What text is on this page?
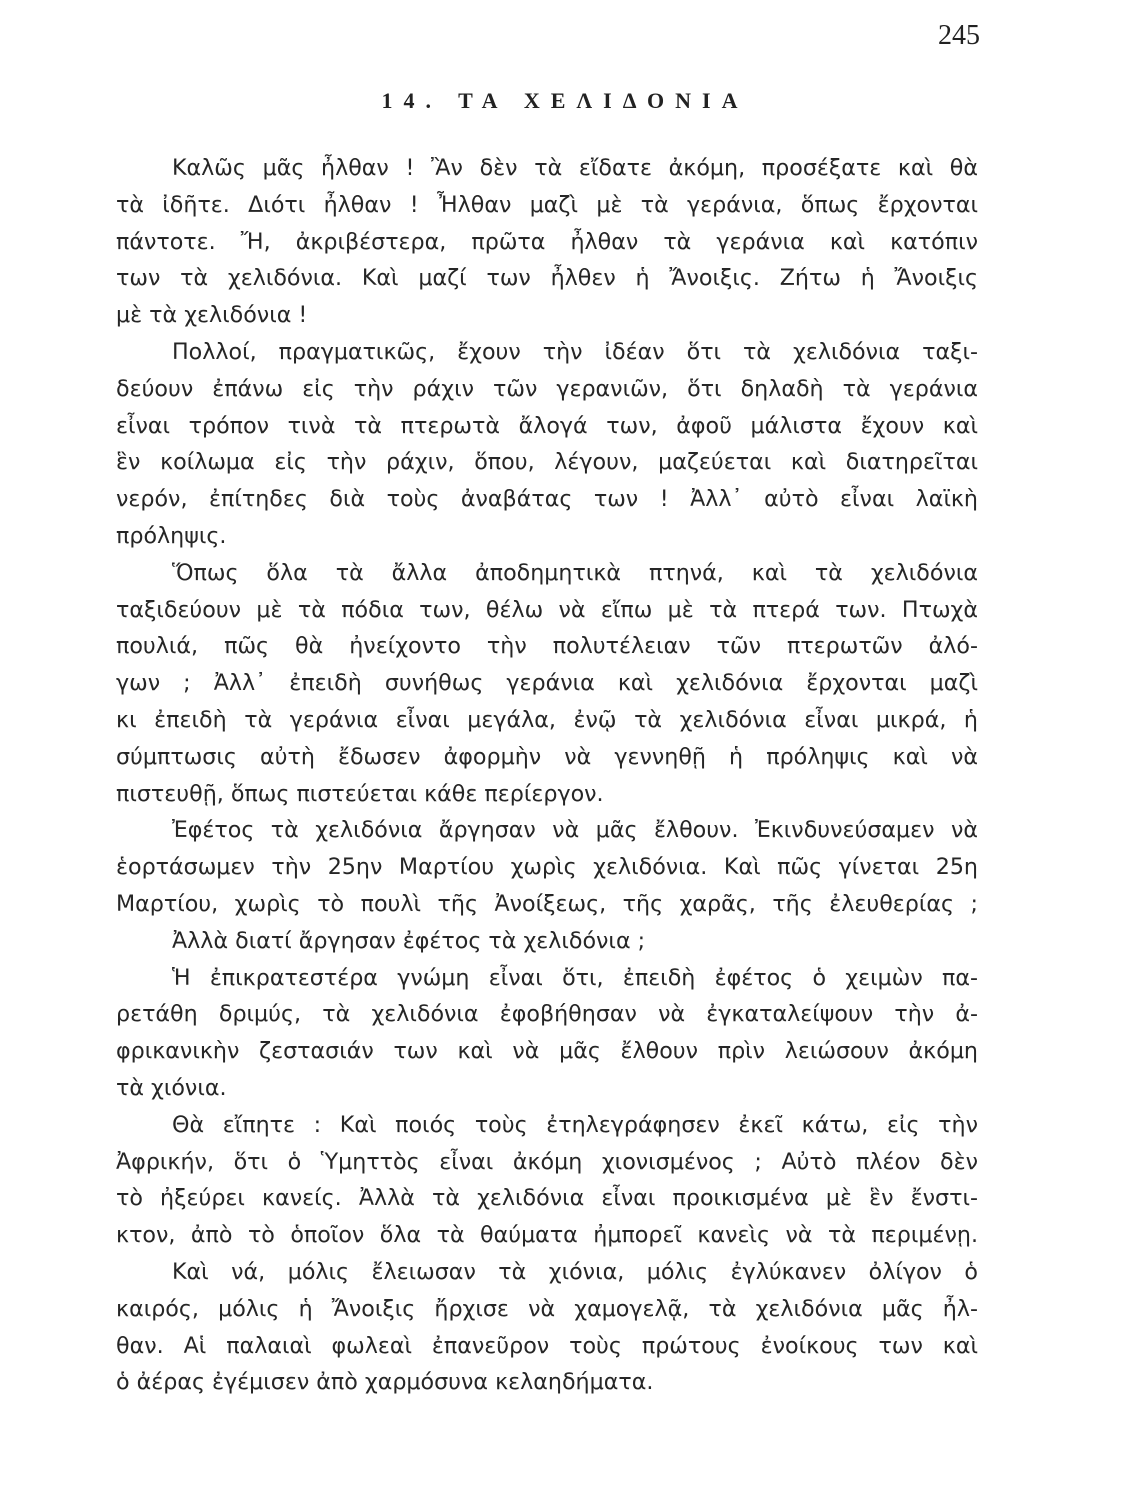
245
14. ΤΑ ΧΕΛΙΔΟΝΙΑ
Καλῶς μᾶς ἦλθαν ! Ἂν δὲν τὰ εἴδατε ἀκόμη, προσέξατε καὶ θὰ
τὰ ἰδῆτε. Διότι ἦλθαν ! Ἦλθαν μαζὶ μὲ τὰ γεράνια, ὅπως ἔρχονται
πάντοτε. Ἤ, ἀκριβέστερα, πρῶτα ἦλθαν τὰ γεράνια καὶ κατόπιν
των τὰ χελιδόνια. Καὶ μαζί των ἦλθεν ἡ Ἄνοιξις. Ζήτω ἡ Ἄνοιξις
μὲ τὰ χελιδόνια !
Πολλοί, πραγματικῶς, ἔχουν τὴν ἰδέαν ὅτι τὰ χελιδόνια ταξι-
δεύουν ἐπάνω εἰς τὴν ράχιν τῶν γερανιῶν, ὅτι δηλαδὴ τὰ γεράνια
εἶναι τρόπον τινὰ τὰ πτερωτὰ ἄλογά των, ἀφοῦ μάλιστα ἔχουν καὶ
ἓν κοίλωμα εἰς τὴν ράχιν, ὅπου, λέγουν, μαζεύεται καὶ διατηρεῖται
νερόν, ἐπίτηδες διὰ τοὺς ἀναβάτας των ! Ἀλλ᾽ αὐτὸ εἶναι λαϊκὴ
πρόληψις.
Ὅπως ὅλα τὰ ἄλλα ἀποδημητικὰ πτηνά, καὶ τὰ χελιδόνια
ταξιδεύουν μὲ τὰ πόδια των, θέλω νὰ εἴπω μὲ τὰ πτερά των. Πτωχὰ
πουλιά, πῶς θὰ ἠνείχοντο τὴν πολυτέλειαν τῶν πτερωτῶν ἀλό-
γων ; Ἀλλ᾽ ἐπειδὴ συνήθως γεράνια καὶ χελιδόνια ἔρχονται μαζὶ
κι ἐπειδὴ τὰ γεράνια εἶναι μεγάλα, ἐνῷ τὰ χελιδόνια εἶναι μικρά, ἡ
σύμπτωσις αὐτὴ ἔδωσεν ἀφορμὴν νὰ γεννηθῇ ἡ πρόληψις καὶ νὰ
πιστευθῇ, ὅπως πιστεύεται κάθε περίεργον.
Ἐφέτος τὰ χελιδόνια ἄργησαν νὰ μᾶς ἔλθουν. Ἐκινδυνεύσαμεν νὰ
ἑορτάσωμεν τὴν 25ην Μαρτίου χωρὶς χελιδόνια. Καὶ πῶς γίνεται 25η
Μαρτίου, χωρὶς τὸ πουλὶ τῆς Ἀνοίξεως, τῆς χαρᾶς, τῆς ἐλευθερίας ;
Ἀλλὰ διατί ἄργησαν ἐφέτος τὰ χελιδόνια ;
Ἡ ἐπικρατεστέρα γνώμη εἶναι ὅτι, ἐπειδὴ ἐφέτος ὁ χειμὼν πα-
ρετάθη δριμύς, τὰ χελιδόνια ἐφοβήθησαν νὰ ἐγκαταλείψουν τὴν ἀ-
φρικανικὴν ζεστασιάν των καὶ νὰ μᾶς ἔλθουν πρὶν λειώσουν ἀκόμη
τὰ χιόνια.
Θὰ εἴπητε : Καὶ ποιός τοὺς ἐτηλεγράφησεν ἐκεῖ κάτω, εἰς τὴν
Ἀφρικήν, ὅτι ὁ Ὑμηττὸς εἶναι ἀκόμη χιονισμένος ; Αὐτὸ πλέον δὲν
τὸ ἠξεύρει κανείς. Ἀλλὰ τὰ χελιδόνια εἶναι προικισμένα μὲ ἓν ἔνστι-
κτον, ἀπὸ τὸ ὁποῖον ὅλα τὰ θαύματα ἠμπορεῖ κανεὶς νὰ τὰ περιμένῃ.
Καὶ νά, μόλις ἔλειωσαν τὰ χιόνια, μόλις ἐγλύκανεν ὀλίγον ὁ
καιρός, μόλις ἡ Ἄνοιξις ἤρχισε νὰ χαμογελᾷ, τὰ χελιδόνια μᾶς ἦλ-
θαν. Αἱ παλαιαὶ φωλεαὶ ἐπανεῦρον τοὺς πρώτους ἐνοίκους των καὶ
ὁ ἀέρας ἐγέμισεν ἀπὸ χαρμόσυνα κελαηδήματα.
